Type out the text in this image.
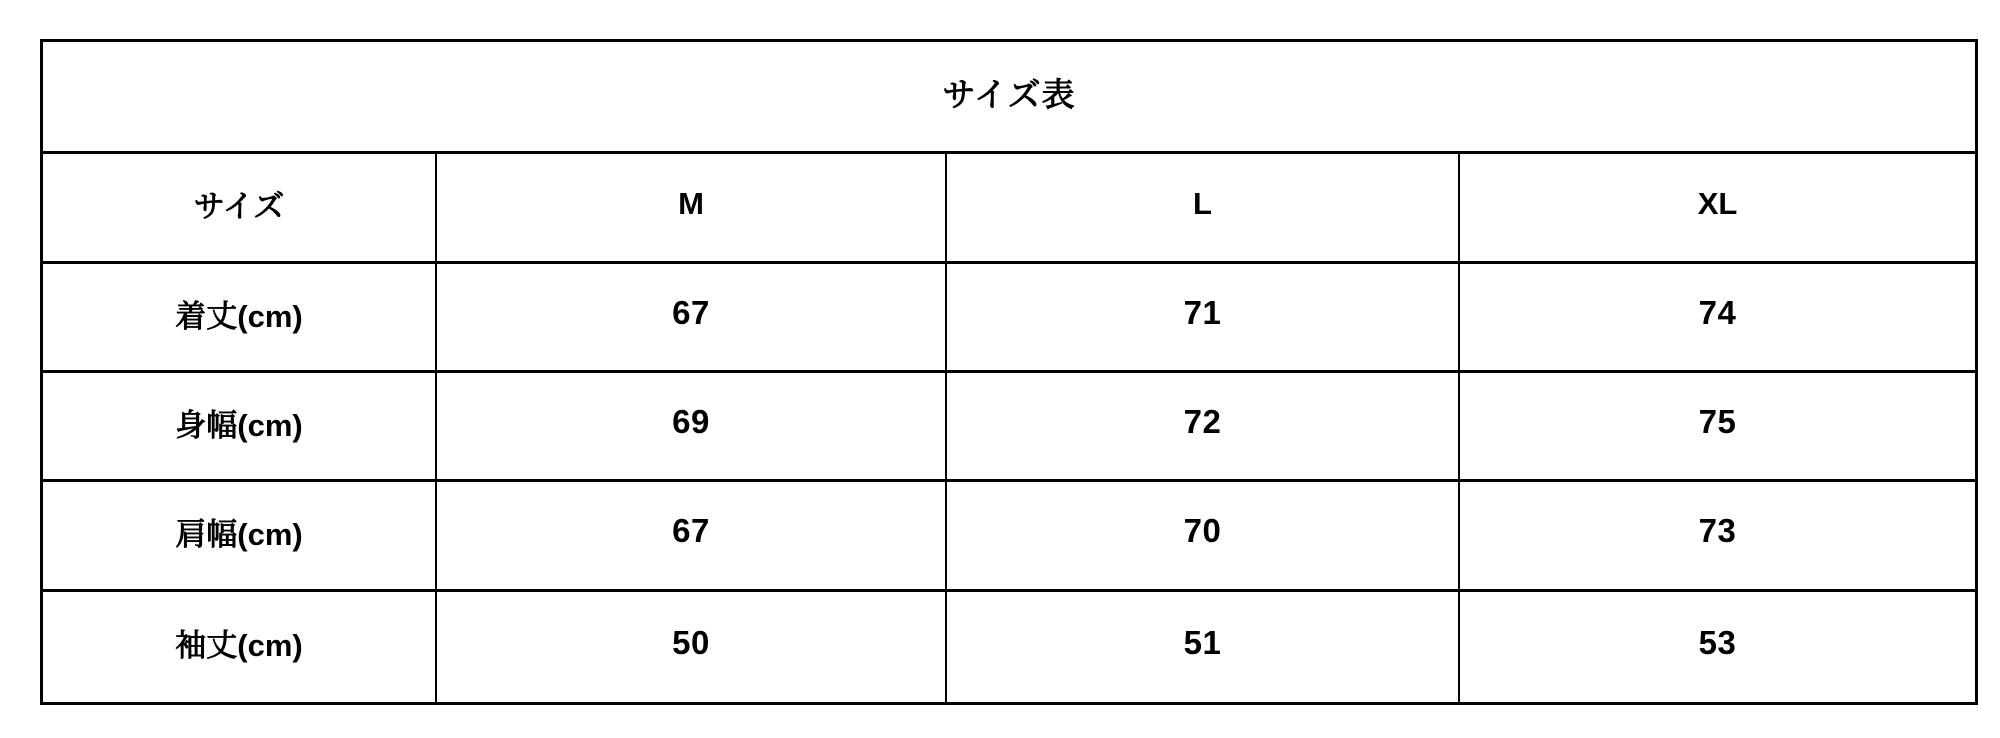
サイズ表
サイズ	M	L	XL
着丈(cm)	67	71	74
身幅(cm)	69	72	75
肩幅(cm)	67	70	73
袖丈(cm)	50	51	53
